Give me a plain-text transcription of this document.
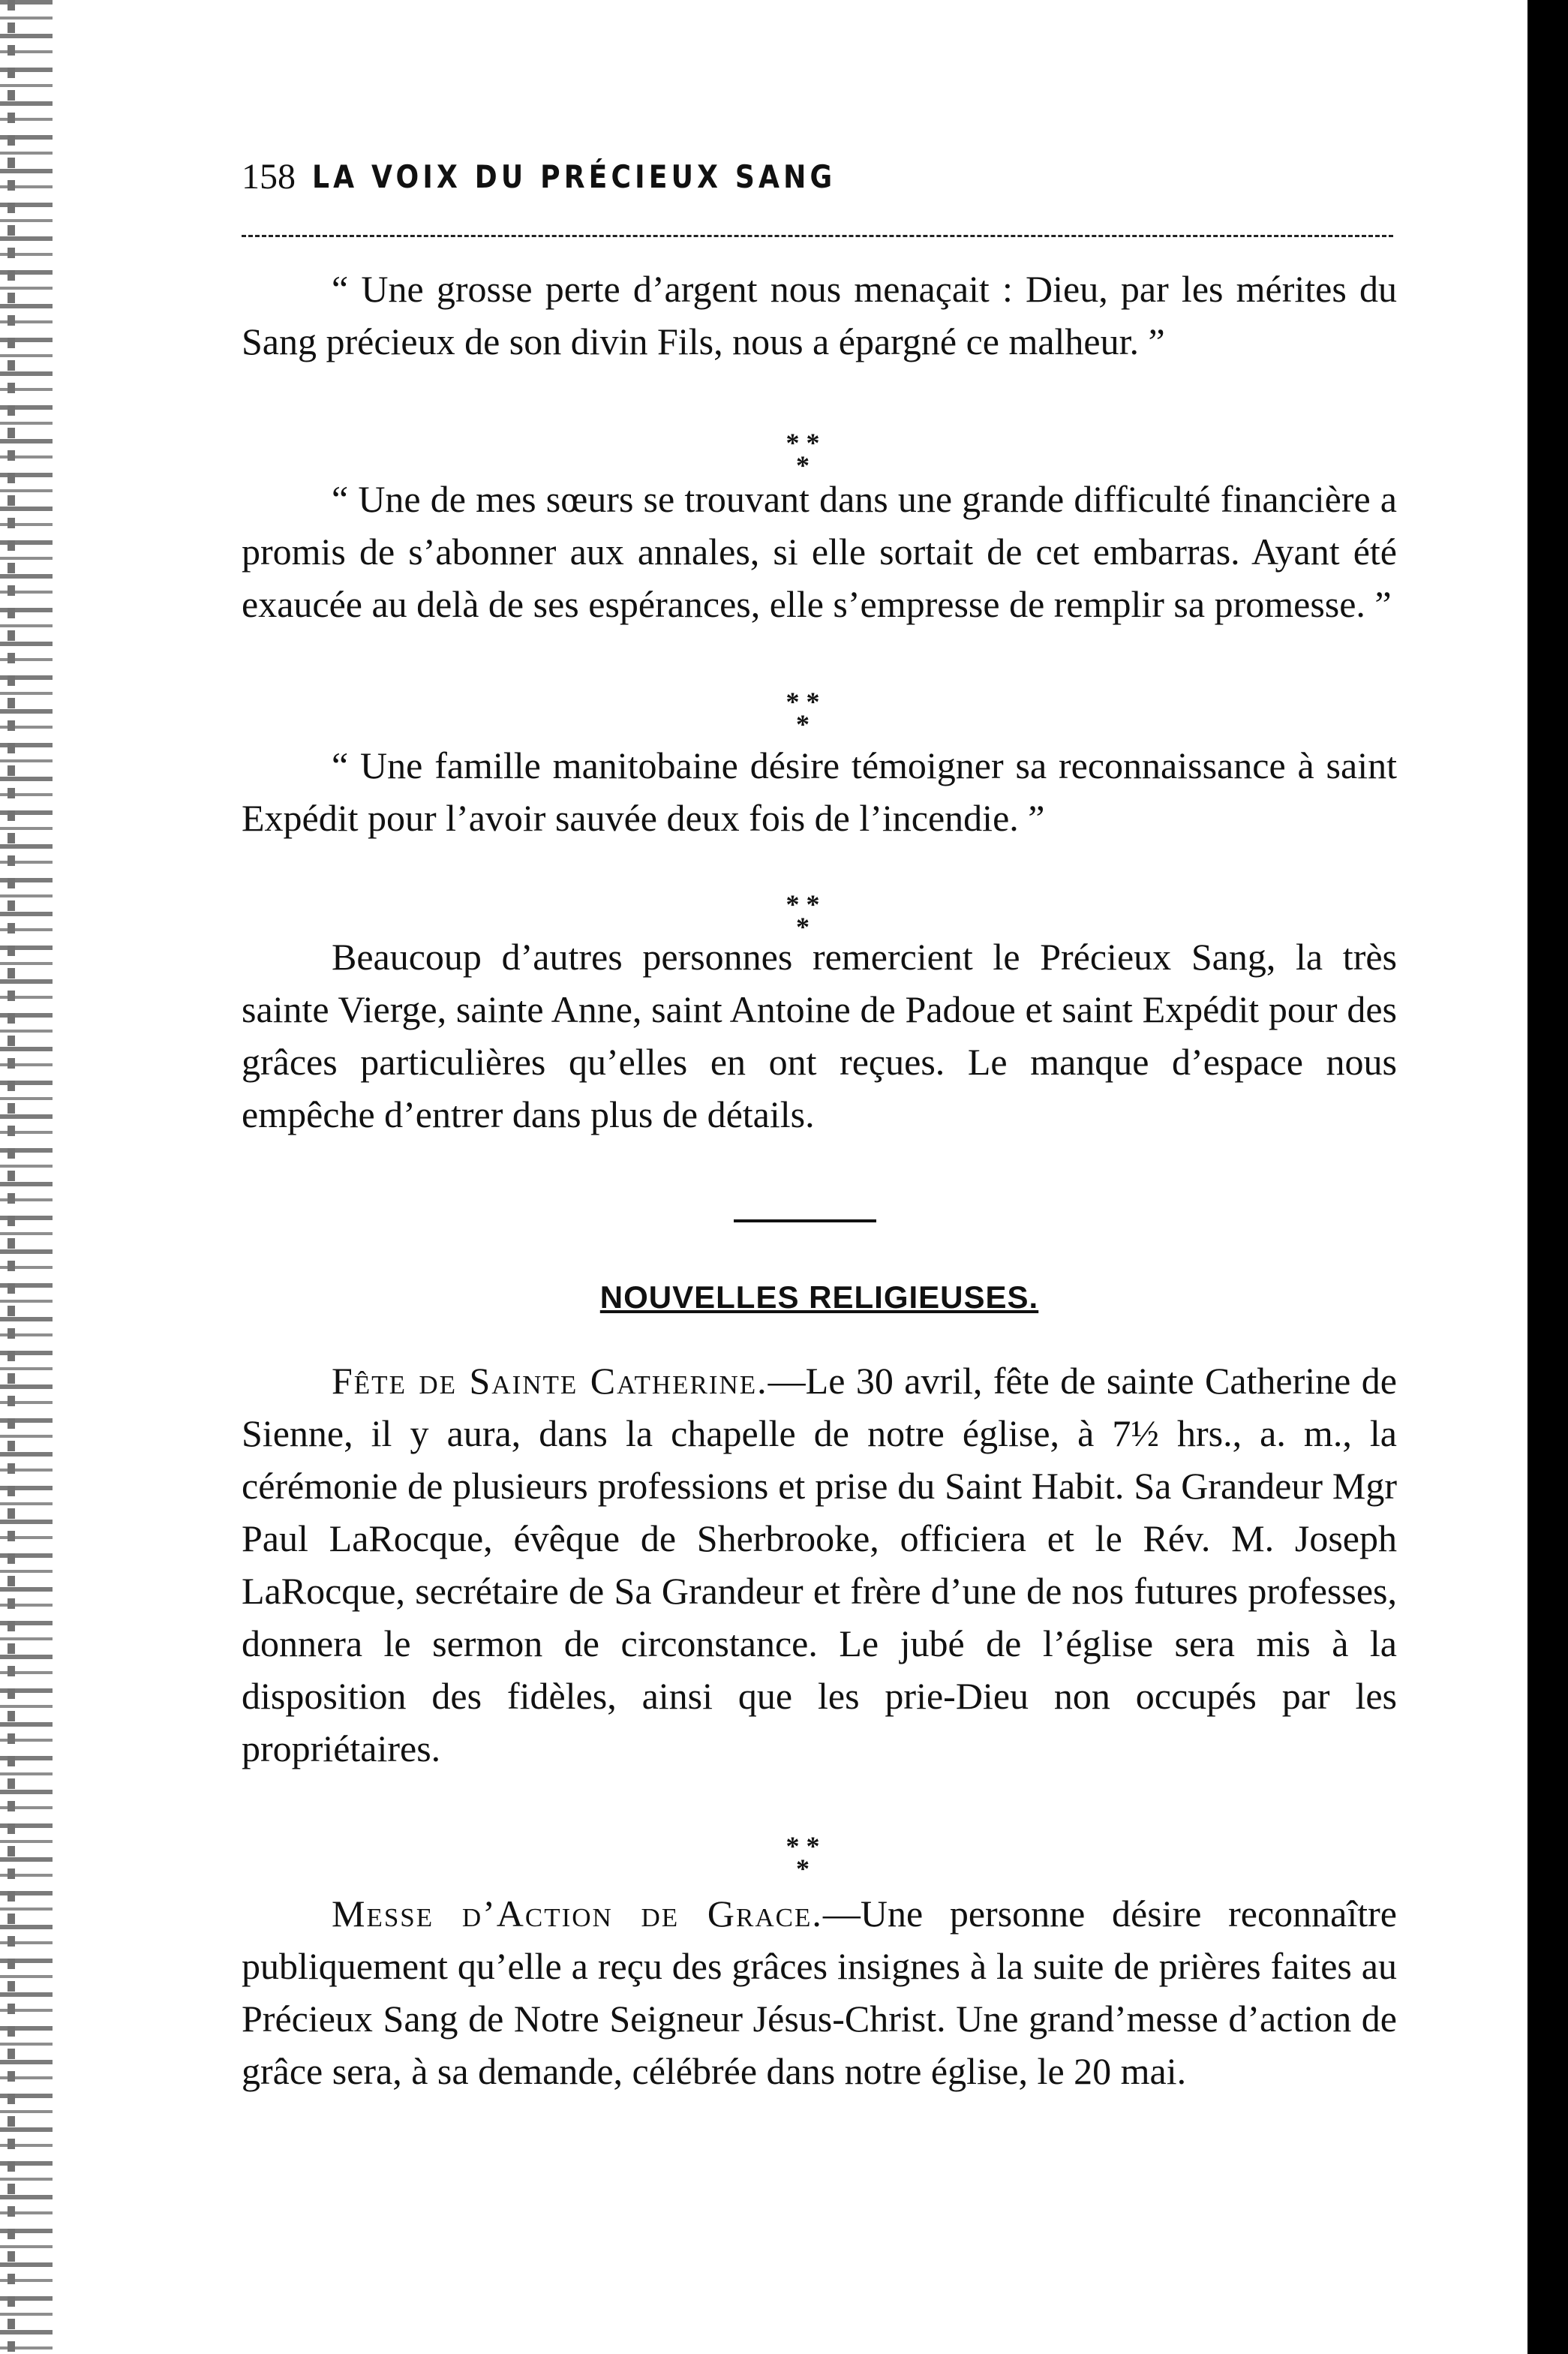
158 LA VOIX DU PRÉCIEUX SANG

“ Une grosse perte d’argent nous menaçait : Dieu, par les mérites du Sang précieux de son divin Fils, nous a épargné ce malheur. ”

* *
*

“ Une de mes sœurs se trouvant dans une grande difficulté financière a promis de s’abonner aux annales, si elle sortait de cet embarras. Ayant été exaucée au delà de ses espérances, elle s’empresse de remplir sa promesse. ”

* *
*

“ Une famille manitobaine désire témoigner sa reconnaissance à saint Expédit pour l’avoir sauvée deux fois de l’incendie. ”

* *
*

Beaucoup d’autres personnes remercient le Précieux Sang, la très sainte Vierge, sainte Anne, saint Antoine de Padoue et saint Expédit pour des grâces particulières qu’elles en ont reçues. Le manque d’espace nous empêche d’entrer dans plus de détails.

NOUVELLES RELIGIEUSES.

Fête de Sainte Catherine.—Le 30 avril, fête de sainte Catherine de Sienne, il y aura, dans la chapelle de notre église, à 7½ hrs., a. m., la cérémonie de plusieurs professions et prise du Saint Habit. Sa Grandeur Mgr Paul LaRocque, évêque de Sherbrooke, officiera et le Rév. M. Joseph LaRocque, secrétaire de Sa Grandeur et frère d’une de nos futures professes, donnera le sermon de circonstance. Le jubé de l’église sera mis à la disposition des fidèles, ainsi que les prie-Dieu non occupés par les propriétaires.

* *
*

Messe d’Action de Grace.—Une personne désire reconnaître publiquement qu’elle a reçu des grâces insignes à la suite de prières faites au Précieux Sang de Notre Seigneur Jésus-Christ. Une grand’messe d’action de grâce sera, à sa demande, célébrée dans notre église, le 20 mai.
